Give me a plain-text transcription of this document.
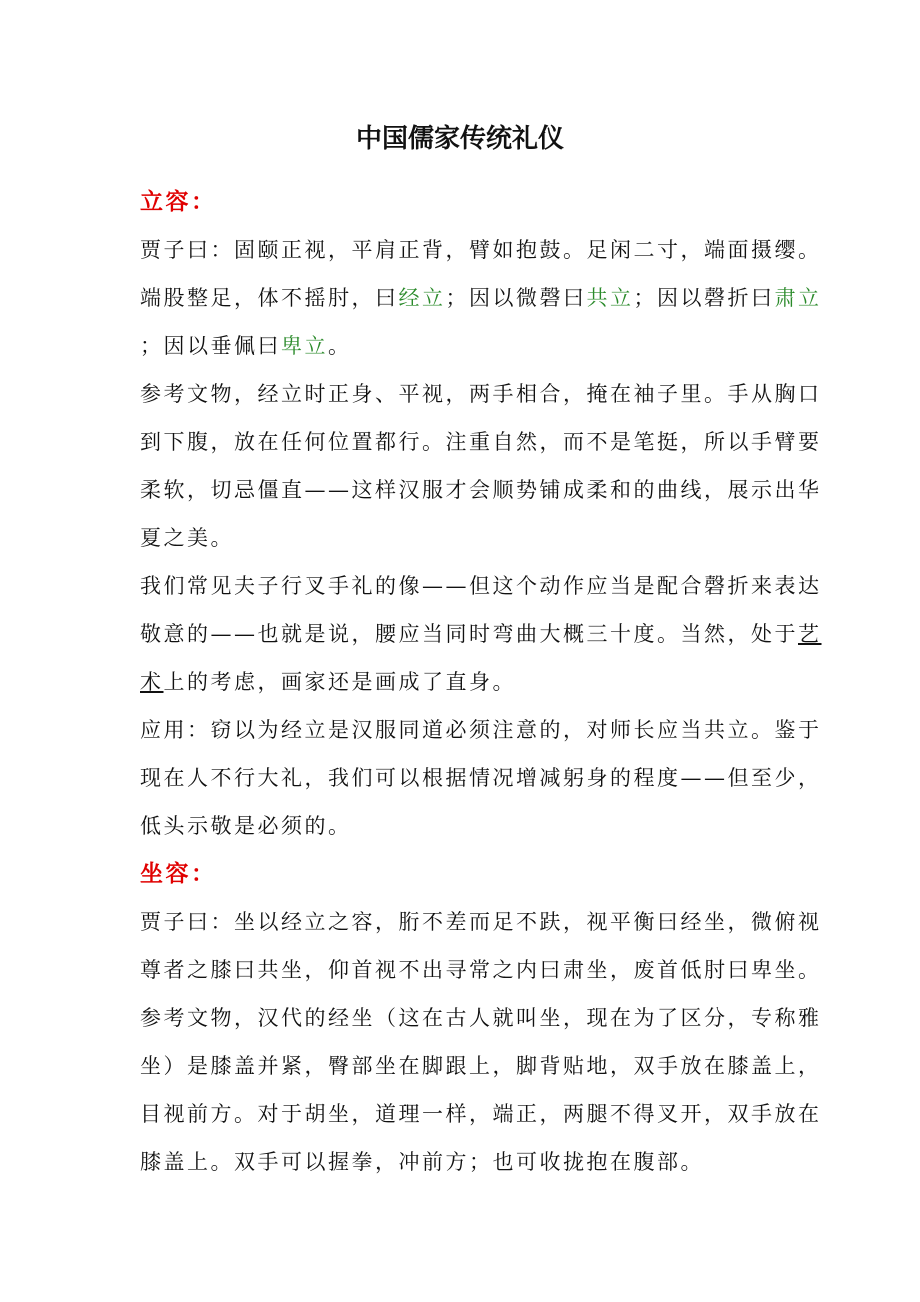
中国儒家传统礼仪
立容：
贾子曰：固颐正视，平肩正背，臂如抱鼓。足闲二寸，端面摄缨。
端股整足，体不摇肘，曰经立；因以微磬曰共立；因以磬折曰肃立
；因以垂佩曰卑立。
参考文物，经立时正身、平视，两手相合，掩在袖子里。手从胸口
到下腹，放在任何位置都行。注重自然，而不是笔挺，所以手臂要
柔软，切忌僵直——这样汉服才会顺势铺成柔和的曲线，展示出华
夏之美。
我们常见夫子行叉手礼的像——但这个动作应当是配合磬折来表达
敬意的——也就是说，腰应当同时弯曲大概三十度。当然，处于艺
术上的考虑，画家还是画成了直身。
应用：窃以为经立是汉服同道必须注意的，对师长应当共立。鉴于
现在人不行大礼，我们可以根据情况增减躬身的程度——但至少，
低头示敬是必须的。
坐容：
贾子曰：坐以经立之容，胻不差而足不趺，视平衡曰经坐，微俯视
尊者之膝曰共坐，仰首视不出寻常之内曰肃坐，废首低肘曰卑坐。
参考文物，汉代的经坐（这在古人就叫坐，现在为了区分，专称雅
坐）是膝盖并紧，臀部坐在脚跟上，脚背贴地，双手放在膝盖上，
目视前方。对于胡坐，道理一样，端正，两腿不得叉开，双手放在
膝盖上。双手可以握拳，冲前方；也可收拢抱在腹部。
